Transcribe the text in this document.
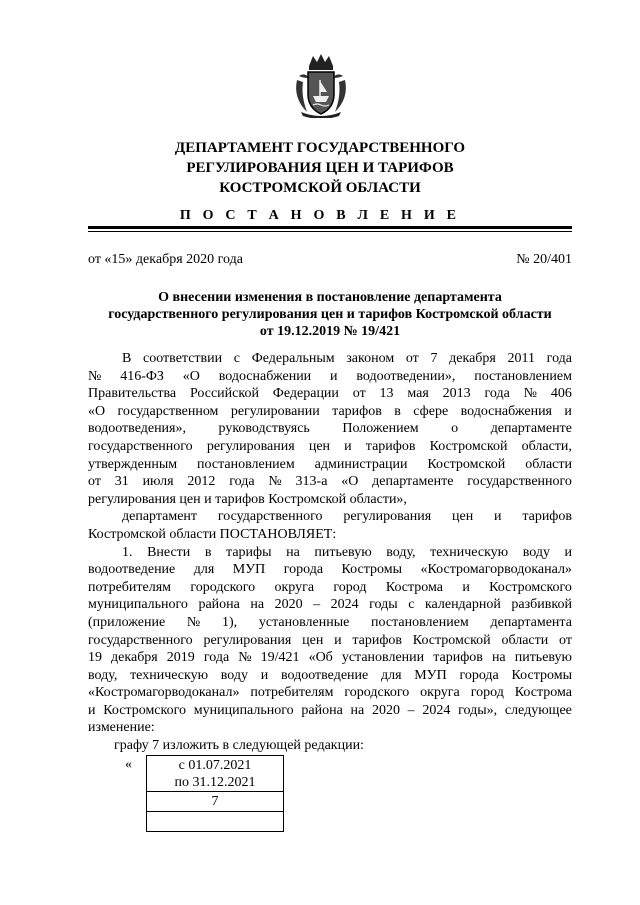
ДЕПАРТАМЕНТ ГОСУДАРСТВЕННОГО
РЕГУЛИРОВАНИЯ ЦЕН И ТАРИФОВ
КОСТРОМСКОЙ ОБЛАСТИ
П О С Т А Н О В Л Е Н И Е
от «15» декабря 2020 года	№ 20/401
О внесении изменения в постановление департамента
государственного регулирования цен и тарифов Костромской области
от 19.12.2019 № 19/421
В соответствии с Федеральным законом от 7 декабря 2011 года
№ 416-ФЗ «О водоснабжении и водоотведении», постановлением
Правительства Российской Федерации от 13 мая 2013 года № 406
«О государственном регулировании тарифов в сфере водоснабжения и
водоотведения», руководствуясь Положением о департаменте
государственного регулирования цен и тарифов Костромской области,
утвержденным постановлением администрации Костромской области
от 31 июля 2012 года № 313-а «О департаменте государственного
регулирования цен и тарифов Костромской области»,
департамент государственного регулирования цен и тарифов
Костромской области ПОСТАНОВЛЯЕТ:
1. Внести в тарифы на питьевую воду, техническую воду и
водоотведение для МУП города Костромы «Костромагорводоканал»
потребителям городского округа город Кострома и Костромского
муниципального района на 2020 – 2024 годы с календарной разбивкой
(приложение № 1), установленные постановлением департамента
государственного регулирования цен и тарифов Костромской области от
19 декабря 2019 года № 19/421 «Об установлении тарифов на питьевую
воду, техническую воду и водоотведение для МУП города Костромы
«Костромагорводоканал» потребителям городского округа город Кострома
и Костромского муниципального района на 2020 – 2024 годы», следующее
изменение:
графу 7 изложить в следующей редакции:
«	с 01.07.2021
по 31.12.2021

7
